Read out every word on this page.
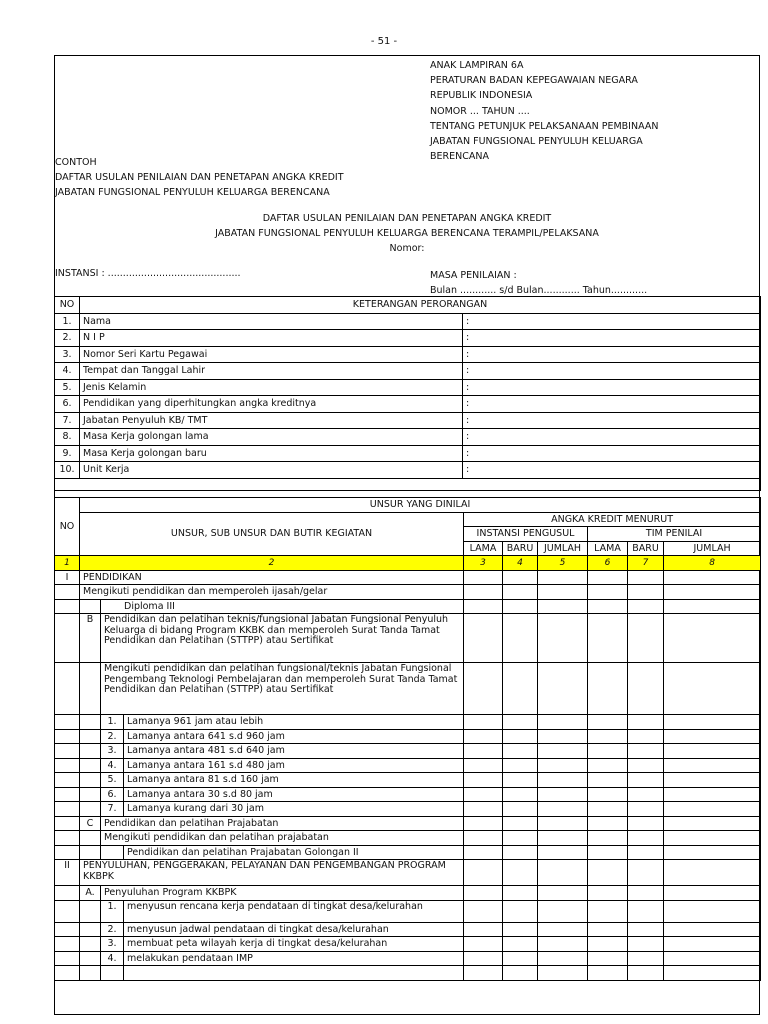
- 51 -
ANAK LAMPIRAN 6A
PERATURAN BADAN KEPEGAWAIAN NEGARA
REPUBLIK INDONESIA
NOMOR ... TAHUN ....
TENTANG PETUNJUK PELAKSANAAN PEMBINAAN
JABATAN FUNGSIONAL PENYULUH KELUARGA
BERENCANA
CONTOH
DAFTAR USULAN PENILAIAN DAN PENETAPAN ANGKA KREDIT
JABATAN FUNGSIONAL PENYULUH KELUARGA BERENCANA
DAFTAR USULAN PENILAIAN DAN PENETAPAN ANGKA KREDIT
JABATAN FUNGSIONAL PENYULUH KELUARGA BERENCANA TERAMPIL/PELAKSANA
Nomor:
INSTANSI : ............................................	MASA PENILAIAN :
Bulan ............ s/d Bulan............ Tahun............
NO	KETERANGAN PERORANGAN	
1.	Nama	:
2.	N I P	:
3.	Nomor Seri Kartu Pegawai	:
4.	Tempat dan Tanggal Lahir	:
5.	Jenis Kelamin	:
6.	Pendidikan yang diperhitungkan angka kreditnya	:
7.	Jabatan Penyuluh KB/ TMT	:
8.	Masa Kerja golongan lama	:
9.	Masa Kerja golongan baru	:
10.	Unit Kerja	:

NO	UNSUR YANG DINILAI								
	UNSUR, SUB UNSUR DAN BUTIR KEGIATAN			ANGKA KREDIT MENURUT					
				INSTANSI PENGUSUL			TIM PENILAI		
				LAMA	BARU	JUMLAH	LAMA	BARU	JUMLAH
1	2			3	4	5	6	7	8
I	PENDIDIKAN								
	Mengikuti pendidikan dan memperoleh ijasah/gelar								
		Diploma III							
	B	Pendidikan dan pelatihan teknis/fungsional Jabatan Fungsional Penyuluh Keluarga di bidang Program KKBK dan memperoleh Surat Tanda Tamat Pendidikan dan Pelatihan (STTPP) atau Sertifikat							
		Mengikuti pendidikan dan pelatihan fungsional/teknis Jabatan Fungsional Pengembang Teknologi Pembelajaran dan memperoleh Surat Tanda Tamat Pendidikan dan Pelatihan (STTPP) atau Sertifikat							
		1.	Lamanya 961 jam atau lebih						
		2.	Lamanya antara 641 s.d 960 jam						
		3.	Lamanya antara 481 s.d 640 jam						
		4.	Lamanya antara 161 s.d 480 jam						
		5.	Lamanya antara 81 s.d 160 jam						
		6.	Lamanya antara 30 s.d 80 jam						
		7.	Lamanya kurang dari 30 jam						
	C	Pendidikan dan pelatihan Prajabatan							
		Mengikuti pendidikan dan pelatihan prajabatan							
			Pendidikan dan pelatihan Prajabatan Golongan II						
II	PENYULUHAN, PENGGERAKAN, PELAYANAN DAN PENGEMBANGAN PROGRAM KKBPK								
	A.	Penyuluhan Program KKBPK							
		1.	menyusun rencana kerja pendataan di tingkat desa/kelurahan						
		2.	menyusun jadwal pendataan di tingkat desa/kelurahan						
		3.	membuat peta wilayah kerja di tingkat desa/kelurahan						
		4.	melakukan pendataan IMP						
